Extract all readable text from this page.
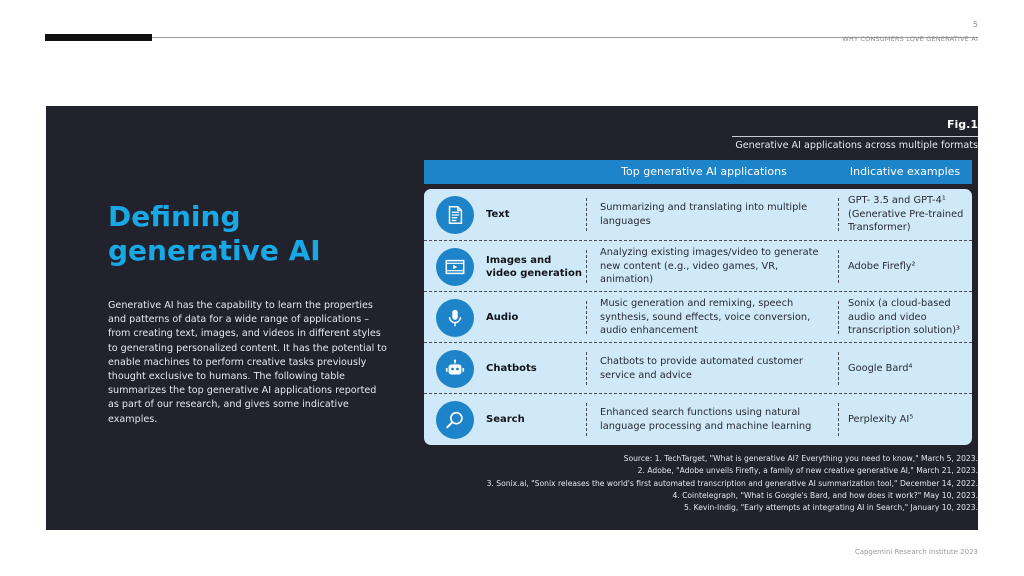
5
WHY CONSUMERS LOVE GENERATIVE AI
Defining generative AI
Generative AI has the capability to learn the properties and patterns of data for a wide range of applications – from creating text, images, and videos in different styles to generating personalized content. It has the potential to enable machines to perform creative tasks previously thought exclusive to humans. The following table summarizes the top generative AI applications reported as part of our research, and gives some indicative examples.
Fig.1
Generative AI applications across multiple formats
Top generative AI applications	Indicative examples
Text
Summarizing and translating into multiple languages
GPT- 3.5 and GPT-4¹ (Generative Pre-trained Transformer)
Images and video generation
Analyzing existing images/video to generate new content (e.g., video games, VR, animation)
Adobe Firefly²
Audio
Music generation and remixing, speech synthesis, sound effects, voice conversion, audio enhancement
Sonix (a cloud-based audio and video transcription solution)³
Chatbots
Chatbots to provide automated customer service and advice
Google Bard⁴
Search
Enhanced search functions using natural language processing and machine learning
Perplexity AI⁵
Source: 1. TechTarget, "What is generative AI? Everything you need to know," March 5, 2023.
2. Adobe, "Adobe unveils Firefly, a family of new creative generative AI," March 21, 2023.
3. Sonix.ai, "Sonix releases the world's first automated transcription and generative AI summarization tool," December 14, 2022.
4. Cointelegraph, "What is Google's Bard, and how does it work?" May 10, 2023.
5. Kevin-Indig, "Early attempts at integrating AI in Search," January 10, 2023.
Capgemini Research Institute 2023
